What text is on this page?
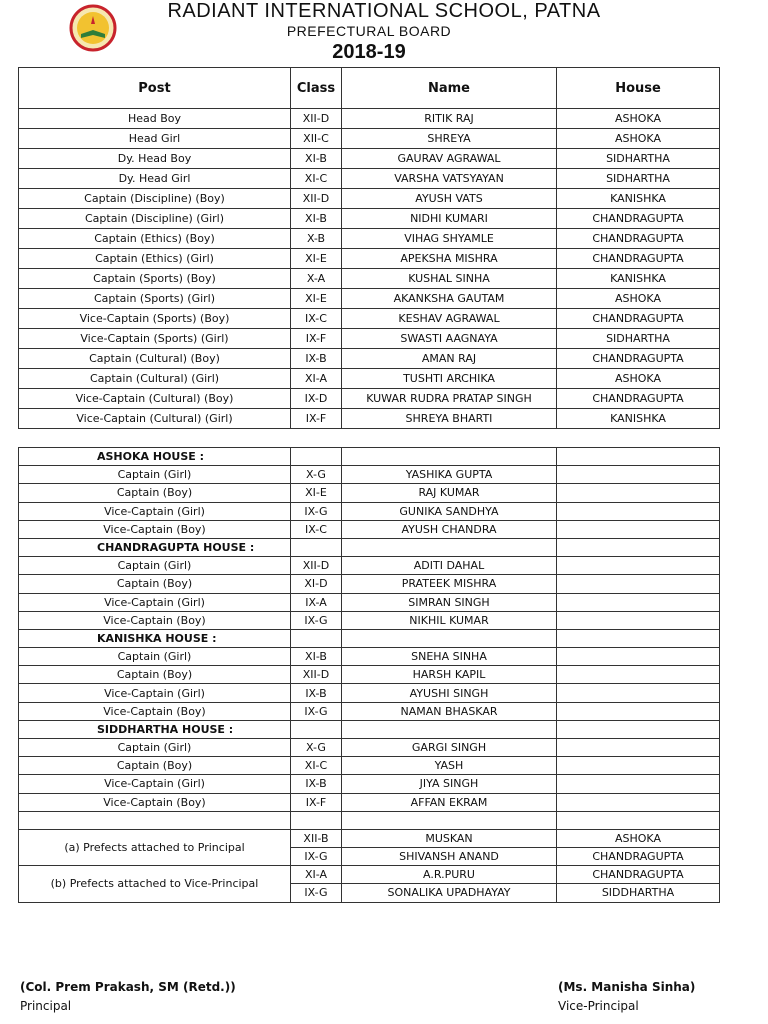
RADIANT INTERNATIONAL SCHOOL, PATNA
PREFECTURAL BOARD
2018-19
Post	Class	Name	House
Head Boy	XII-D	RITIK RAJ	ASHOKA
Head Girl	XII-C	SHREYA	ASHOKA
Dy. Head Boy	XI-B	GAURAV AGRAWAL	SIDHARTHA
Dy. Head Girl	XI-C	VARSHA VATSYAYAN	SIDHARTHA
Captain (Discipline) (Boy)	XII-D	AYUSH VATS	KANISHKA
Captain (Discipline) (Girl)	XI-B	NIDHI KUMARI	CHANDRAGUPTA
Captain (Ethics) (Boy)	X-B	VIHAG SHYAMLE	CHANDRAGUPTA
Captain (Ethics) (Girl)	XI-E	APEKSHA MISHRA	CHANDRAGUPTA
Captain (Sports) (Boy)	X-A	KUSHAL SINHA	KANISHKA
Captain (Sports) (Girl)	XI-E	AKANKSHA GAUTAM	ASHOKA
Vice-Captain (Sports) (Boy)	IX-C	KESHAV AGRAWAL	CHANDRAGUPTA
Vice-Captain (Sports) (Girl)	IX-F	SWASTI AAGNAYA	SIDHARTHA
Captain (Cultural) (Boy)	IX-B	AMAN RAJ	CHANDRAGUPTA
Captain (Cultural) (Girl)	XI-A	TUSHTI ARCHIKA	ASHOKA
Vice-Captain (Cultural) (Boy)	IX-D	KUWAR RUDRA PRATAP SINGH	CHANDRAGUPTA
Vice-Captain (Cultural) (Girl)	IX-F	SHREYA BHARTI	KANISHKA
ASHOKA HOUSE :			
Captain (Girl)	X-G	YASHIKA GUPTA	
Captain (Boy)	XI-E	RAJ KUMAR	
Vice-Captain (Girl)	IX-G	GUNIKA SANDHYA	
Vice-Captain (Boy)	IX-C	AYUSH CHANDRA	
CHANDRAGUPTA HOUSE :			
Captain (Girl)	XII-D	ADITI DAHAL	
Captain (Boy)	XI-D	PRATEEK MISHRA	
Vice-Captain (Girl)	IX-A	SIMRAN SINGH	
Vice-Captain (Boy)	IX-G	NIKHIL KUMAR	
KANISHKA HOUSE :			
Captain (Girl)	XI-B	SNEHA SINHA	
Captain (Boy)	XII-D	HARSH KAPIL	
Vice-Captain (Girl)	IX-B	AYUSHI SINGH	
Vice-Captain (Boy)	IX-G	NAMAN BHASKAR	
SIDDHARTHA HOUSE :			
Captain (Girl)	X-G	GARGI SINGH	
Captain (Boy)	XI-C	YASH	
Vice-Captain (Girl)	IX-B	JIYA SINGH	
Vice-Captain (Boy)	IX-F	AFFAN EKRAM	

(a) Prefects attached to Principal	XII-B	MUSKAN	ASHOKA
	IX-G	SHIVANSH ANAND	CHANDRAGUPTA
(b) Prefects attached to Vice-Principal	XI-A	A.R.PURU	CHANDRAGUPTA
	IX-G	SONALIKA UPADHAYAY	SIDDHARTHA
(Col. Prem Prakash, SM (Retd.))
Principal
(Ms. Manisha Sinha)
Vice-Principal
